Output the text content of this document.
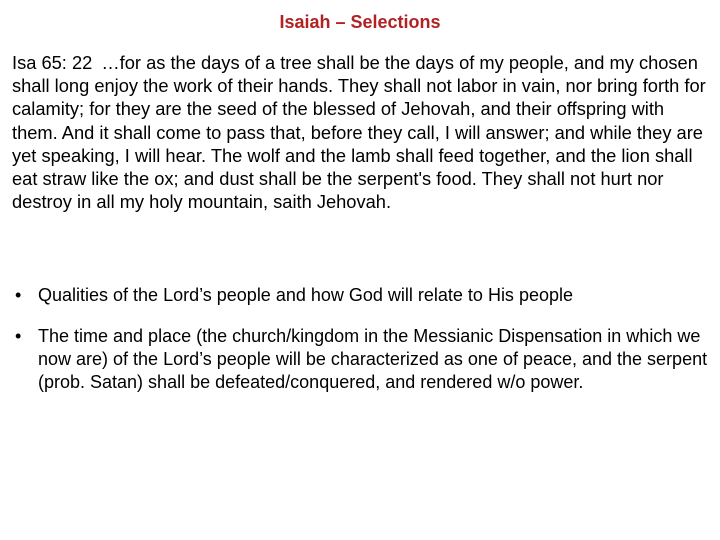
Isaiah – Selections

Isa 65: 22 …for as the days of a tree shall be the days of my people, and my chosen shall long enjoy the work of their hands. They shall not labor in vain, nor bring forth for calamity; for they are the seed of the blessed of Jehovah, and their offspring with them. And it shall come to pass that, before they call, I will answer; and while they are yet speaking, I will hear. The wolf and the lamb shall feed together, and the lion shall eat straw like the ox; and dust shall be the serpent's food. They shall not hurt nor destroy in all my holy mountain, saith Jehovah.

• Qualities of the Lord’s people and how God will relate to His people
• The time and place (the church/kingdom in the Messianic Dispensation in which we now are) of the Lord’s people will be characterized as one of peace, and the serpent (prob. Satan) shall be defeated/conquered, and rendered w/o power.
